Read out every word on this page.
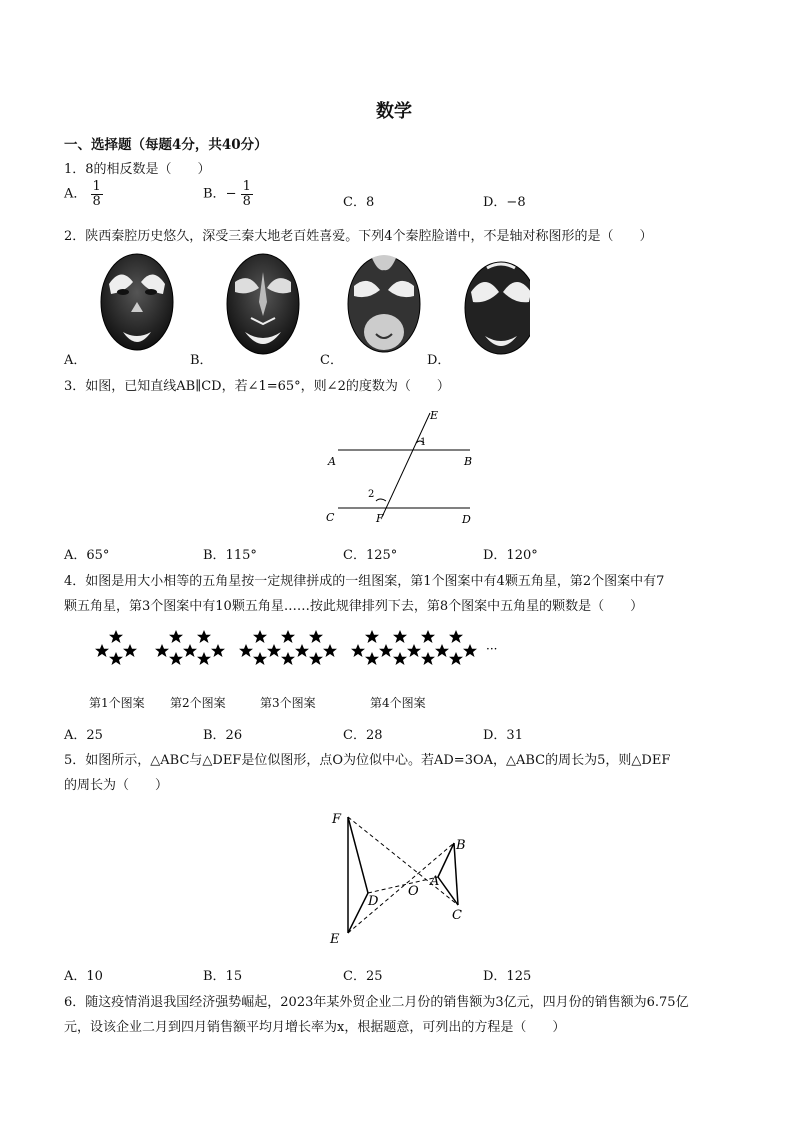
数学
一、选择题（每题4分，共40分）
1．8的相反数是（　　）
A． $\frac{1}{8}$	B．− $\frac{1}{8}$	C．8	D．−8
2．陕西秦腔历史悠久，深受三秦大地老百姓喜爱。下列4个秦腔脸谱中，不是轴对称图形的是（　　）
A．	B．	C．	D．
3．如图，已知直线AB∥CD，若∠1=65°，则∠2的度数为（　　）
E
1
A	B
2
C	F	D
A．65°	B．115°	C．125°	D．120°
4．如图是用大小相等的五角星按一定规律拼成的一组图案，第1个图案中有4颗五角星，第2个图案中有7
颗五角星，第3个图案中有10颗五角星……按此规律排列下去，第8个图案中五角星的颗数是（　　）
···
第1个图案 第2个图案	第3个图案	第4个图案
A．25	B．26	C．28	D．31
5．如图所示，△ABC与△DEF是位似图形，点O为位似中心。若AD=3OA，△ABC的周长为5，则△DEF
的周长为（　　）
F
E
D
O
A
B
C
A．10	B．15	C．25	D．125
6．随这疫情消退我国经济强势崛起，2023年某外贸企业二月份的销售额为3亿元，四月份的销售额为6.75亿
元，设该企业二月到四月销售额平均月增长率为x，根据题意，可列出的方程是（　　）
